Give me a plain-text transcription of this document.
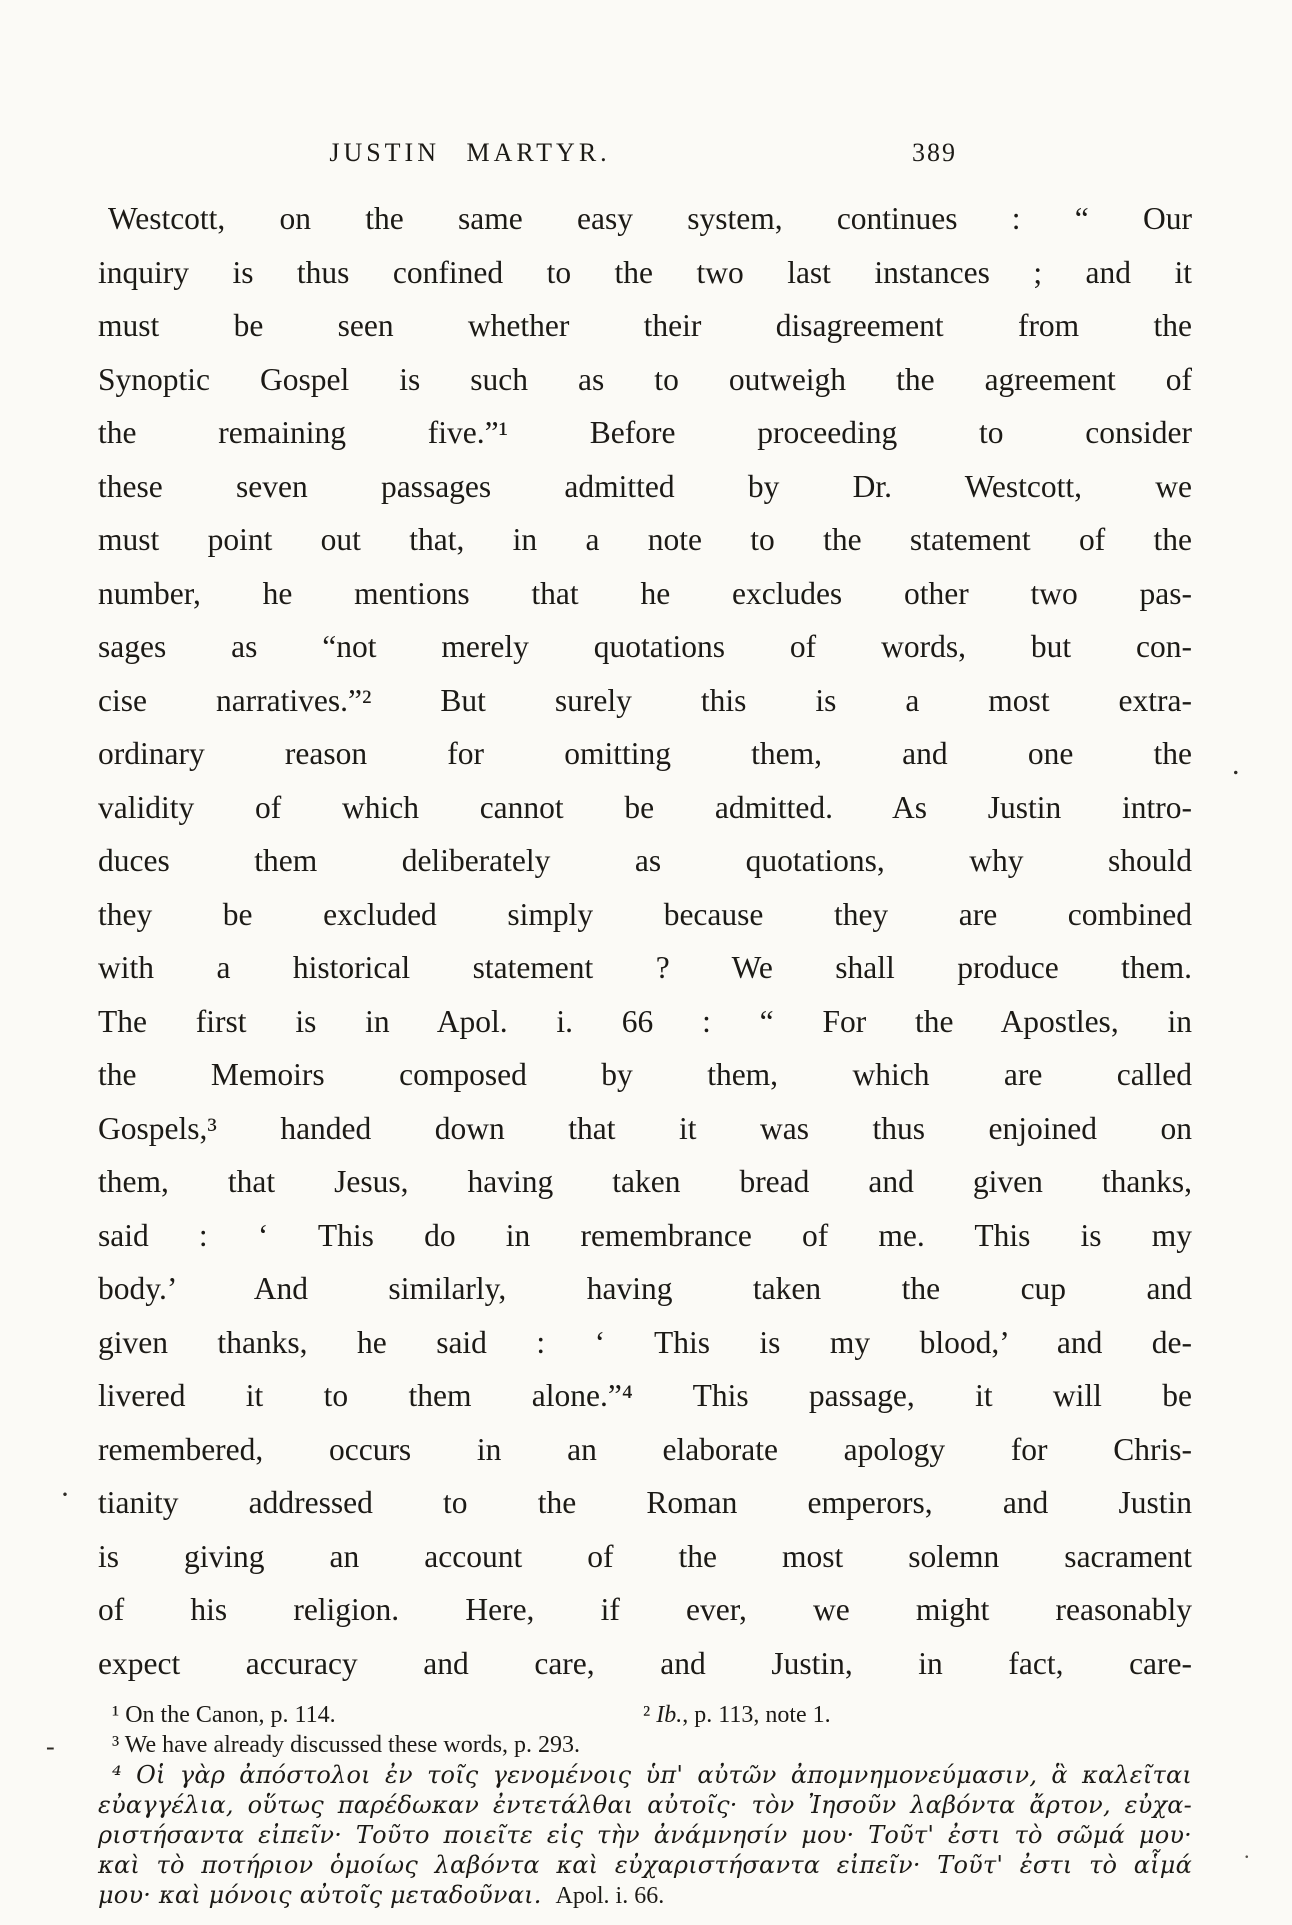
JUSTIN MARTYR.	389
Westcott, on the same easy system, continues : “ Our
inquiry is thus confined to the two last instances ; and it
must be seen whether their disagreement from the
Synoptic Gospel is such as to outweigh the agreement of
the remaining five.”¹ Before proceeding to consider
these seven passages admitted by Dr. Westcott, we
must point out that, in a note to the statement of the
number, he mentions that he excludes other two pas-
sages as “not merely quotations of words, but con-
cise narratives.”² But surely this is a most extra-
ordinary reason for omitting them, and one the
validity of which cannot be admitted. As Justin intro-
duces them deliberately as quotations, why should
they be excluded simply because they are combined
with a historical statement ? We shall produce them.
The first is in Apol. i. 66 : “ For the Apostles, in
the Memoirs composed by them, which are called
Gospels,³ handed down that it was thus enjoined on
them, that Jesus, having taken bread and given thanks,
said : ‘ This do in remembrance of me. This is my
body.’ And similarly, having taken the cup and
given thanks, he said : ‘ This is my blood,’ and de-
livered it to them alone.”⁴ This passage, it will be
remembered, occurs in an elaborate apology for Chris-
tianity addressed to the Roman emperors, and Justin
is giving an account of the most solemn sacrament
of his religion. Here, if ever, we might reasonably
expect accuracy and care, and Justin, in fact, care-
¹ On the Canon, p. 114.	² Ib., p. 113, note 1.
³ We have already discussed these words, p. 293.
⁴ Οἱ γὰρ ἀπόστολοι ἐν τοῖς γενομένοις ὑπ' αὐτῶν ἀπομνημονεύμασιν, ἃ καλεῖται
εὐαγγέλια, οὕτως παρέδωκαν ἐντετάλθαι αὐτοῖς· τὸν Ἰησοῦν λαβόντα ἄρτον, εὐχα-
ριστήσαντα εἰπεῖν· Τοῦτο ποιεῖτε εἰς τὴν ἀνάμνησίν μου· Τοῦτ' ἐστι τὸ σῶμά μου·
καὶ τὸ ποτήριον ὁμοίως λαβόντα καὶ εὐχαριστήσαντα εἰπεῖν· Τοῦτ' ἐστι τὸ αἷμά
μου· καὶ μόνοις αὐτοῖς μεταδοῦναι. Apol. i. 66.
.
·
-
.
